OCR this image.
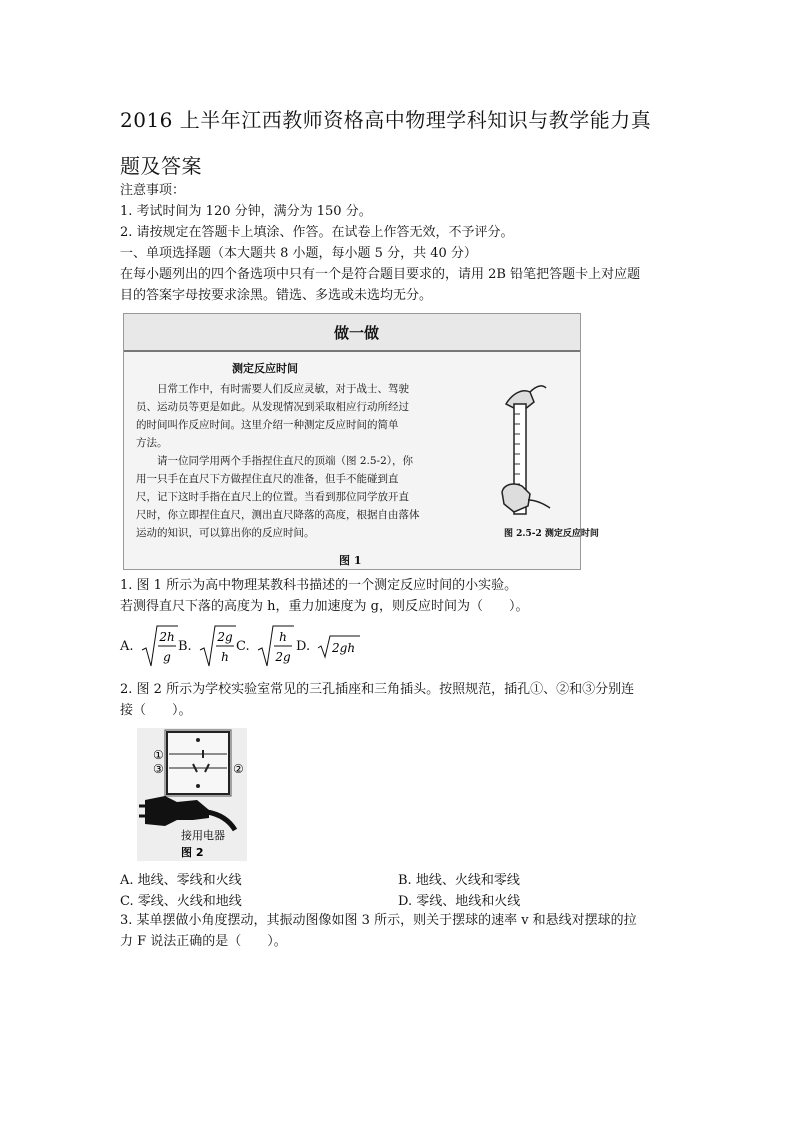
2016 上半年江西教师资格高中物理学科知识与教学能力真
题及答案
注意事项：
1. 考试时间为 120 分钟，满分为 150 分。
2. 请按规定在答题卡上填涂、作答。在试卷上作答无效，不予评分。
一、单项选择题（本大题共 8 小题，每小题 5 分，共 40 分）
在每小题列出的四个备选项中只有一个是符合题目要求的，请用 2B 铅笔把答题卡上对应题
目的答案字母按要求涂黑。错选、多选或未选均无分。
做一做
测定反应时间

日常工作中，有时需要人们反应灵敏，对于战士、驾驶

员、运动员等更是如此。从发现情况到采取相应行动所经过

的时间叫作反应时间。这里介绍一种测定反应时间的简单

方法。

请一位同学用两个手指捏住直尺的顶端（图 2.5-2），你

用一只手在直尺下方做捏住直尺的准备，但手不能碰到直

尺，记下这时手指在直尺上的位置。当看到那位同学放开直

尺时，你立即捏住直尺，测出直尺降落的高度，根据自由落体

运动的知识，可以算出你的反应时间。	图 2.5-2 测定反应时间
图 1
1. 图 1 所示为高中物理某教科书描述的一个测定反应时间的小实验。
若测得直尺下落的高度为 h，重力加速度为 g，则反应时间为（　　）。
A.
2h
g
B.
2g
h
C.
h
2g
D. 2gh
2. 图 2 所示为学校实验室常见的三孔插座和三角插头。按照规范，插孔①、②和③分别连
接（　　）。
①
③	②
接用电器
图 2
A. 地线、零线和火线	B. 地线、火线和零线
C. 零线、火线和地线	D. 零线、地线和火线
3. 某单摆做小角度摆动，其振动图像如图 3 所示，则关于摆球的速率 v 和悬线对摆球的拉
力 F 说法正确的是（　　）。
